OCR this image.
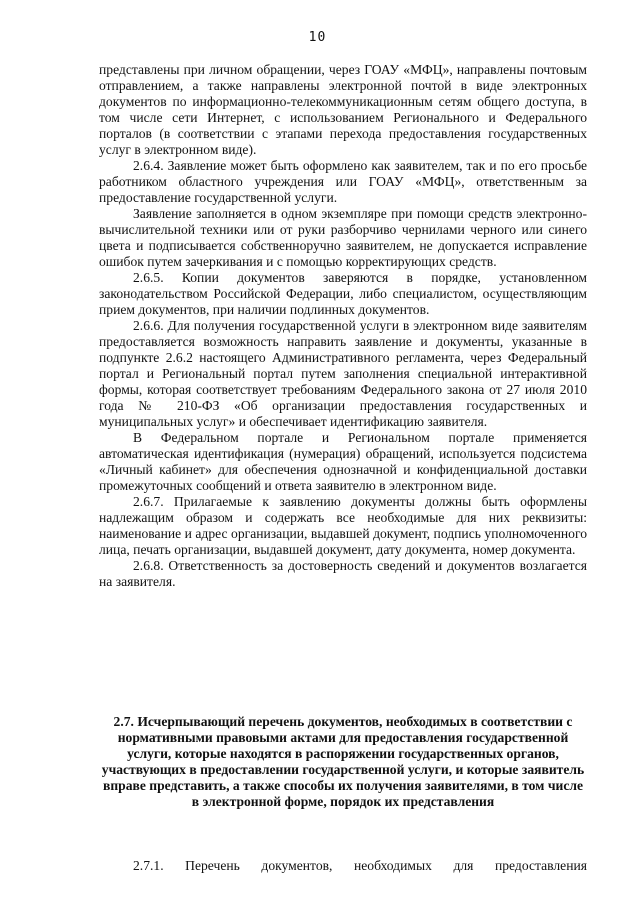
10

представлены при личном обращении, через ГОАУ «МФЦ», направлены почтовым отправлением, а также направлены электронной почтой в виде электронных документов по информационно-телекоммуникационным сетям общего доступа, в том числе сети Интернет, с использованием Регионального и Федерального порталов (в соответствии с этапами перехода предоставления государственных услуг в электронном виде).

2.6.4. Заявление может быть оформлено как заявителем, так и по его просьбе работником областного учреждения или ГОАУ «МФЦ», ответственным за предоставление государственной услуги.

Заявление заполняется в одном экземпляре при помощи средств электронно-вычислительной техники или от руки разборчиво чернилами черного или синего цвета и подписывается собственноручно заявителем, не допускается исправление ошибок путем зачеркивания и с помощью корректирующих средств.

2.6.5. Копии документов заверяются в порядке, установленном законодательством Российской Федерации, либо специалистом, осуществляющим прием документов, при наличии подлинных документов.

2.6.6. Для получения государственной услуги в электронном виде заявителям предоставляется возможность направить заявление и документы, указанные в подпункте 2.6.2 настоящего Административного регламента, через Федеральный портал и Региональный портал путем заполнения специальной интерактивной формы, которая соответствует требованиям Федерального закона от 27 июля 2010 года № 210-ФЗ «Об организации предоставления государственных и муниципальных услуг» и обеспечивает идентификацию заявителя.

В Федеральном портале и Региональном портале применяется автоматическая идентификация (нумерация) обращений, используется подсистема «Личный кабинет» для обеспечения однозначной и конфиденциальной доставки промежуточных сообщений и ответа заявителю в электронном виде.

2.6.7. Прилагаемые к заявлению документы должны быть оформлены надлежащим образом и содержать все необходимые для них реквизиты: наименование и адрес организации, выдавшей документ, подпись уполномоченного лица, печать организации, выдавшей документ, дату документа, номер документа.

2.6.8. Ответственность за достоверность сведений и документов возлагается на заявителя.

2.7. Исчерпывающий перечень документов, необходимых в соответствии с нормативными правовыми актами для предоставления государственной услуги, которые находятся в распоряжении государственных органов, участвующих в предоставлении государственной услуги, и которые заявитель вправе представить, а также способы их получения заявителями, в том числе в электронной форме, порядок их представления

2.7.1. Перечень документов, необходимых для предоставления
